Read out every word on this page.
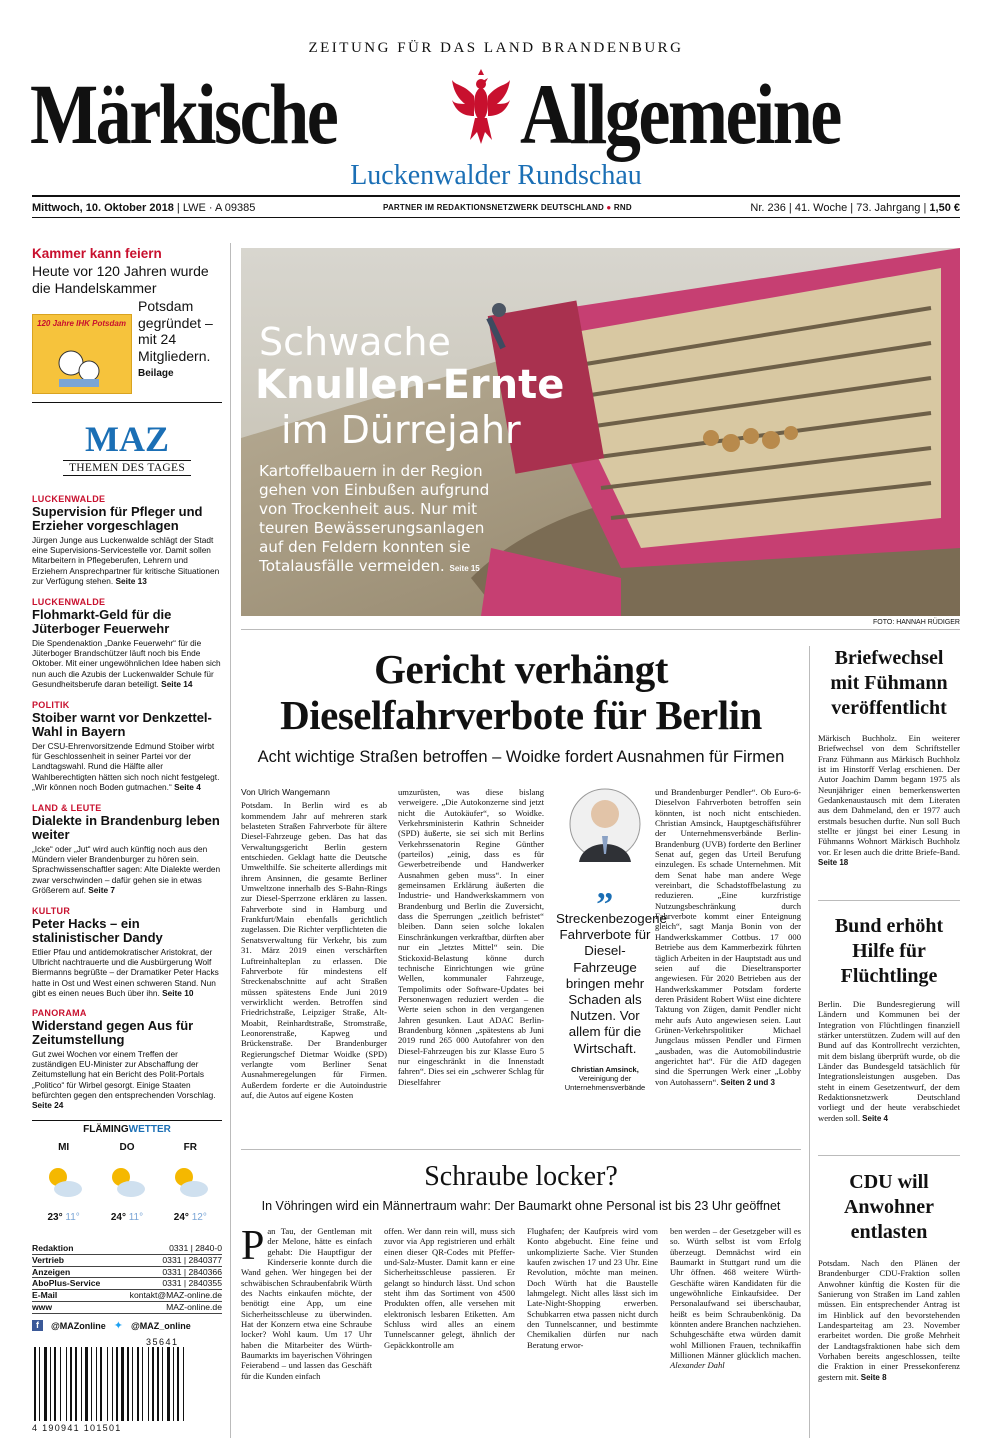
ZEITUNG FÜR DAS LAND BRANDENBURG
Märkische	Allgemeine
Luckenwalder Rundschau
Mittwoch, 10. Oktober 2018 | LWE · A 09385	PARTNER IM REDAKTIONSNETZWERK DEUTSCHLAND ● RND	Nr. 236 | 41. Woche | 73. Jahrgang | 1,50 €
Kammer kann feiern
Heute vor 120 Jahren wurde die Handelskammer
120 Jahre IHK Potsdam
Potsdam gegründet – mit 24 Mitgliedern.
Beilage
MAZ
THEMEN DES TAGES
LUCKENWALDE
Supervision für Pfleger und Erzieher vorgeschlagen
Jürgen Junge aus Luckenwalde schlägt der Stadt eine Supervisions-Servicestelle vor. Damit sollen Mitarbeitern in Pflegeberufen, Lehrern und Erziehern Ansprechpartner für kritische Situationen zur Verfügung stehen. Seite 13
LUCKENWALDE
Flohmarkt-Geld für die Jüterboger Feuerwehr
Die Spendenaktion „Danke Feuerwehr“ für die Jüterboger Brandschützer läuft noch bis Ende Oktober. Mit einer ungewöhnlichen Idee haben sich nun auch die Azubis der Luckenwalder Schule für Gesundheitsberufe daran beteiligt. Seite 14
POLITIK
Stoiber warnt vor Denkzettel-Wahl in Bayern
Der CSU-Ehrenvorsitzende Edmund Stoiber wirbt für Geschlossenheit in seiner Partei vor der Landtagswahl. Rund die Hälfte aller Wahlberechtigten hätten sich noch nicht festgelegt. „Wir können noch Boden gutmachen.“ Seite 4
LAND & LEUTE
Dialekte in Brandenburg leben weiter
„Icke“ oder „Jut“ wird auch künftig noch aus den Mündern vieler Brandenburger zu hören sein. Sprachwissenschaftler sagen: Alte Dialekte werden zwar verschwinden – dafür gehen sie in etwas Größerem auf. Seite 7
KULTUR
Peter Hacks – ein stalinistischer Dandy
Etlier Pfau und antidemokratischer Aristokrat, der Ulbricht nachtrauerte und die Ausbürgerung Wolf Biermanns begrüßte – der Dramatiker Peter Hacks hatte in Ost und West einen schweren Stand. Nun gibt es einen neues Buch über ihn. Seite 10
PANORAMA
Widerstand gegen Aus für Zeitumstellung
Gut zwei Wochen vor einem Treffen der zuständigen EU-Minister zur Abschaffung der Zeitumstellung hat ein Bericht des Polit-Portals „Politico“ für Wirbel gesorgt. Einige Staaten befürchten gegen den entsprechenden Vorschlag. Seite 24
FLÄMINGWETTER
MI
23° 11°
DO
24° 11°
FR
24° 12°
Redaktion	0331 | 2840-0
Vertrieb	0331 | 2840377
Anzeigen	0331 | 2840366
AboPlus-Service	0331 | 2840355
E-Mail	kontakt@MAZ-online.de
www	MAZ-online.de
f	@MAZonline ✦ @MAZ_online
35641
4 190941 101501
Schwache
Knullen-Ernte
im Dürrejahr
Kartoffelbauern in der Region gehen von Einbußen aufgrund von Trockenheit aus. Nur mit teuren Bewässerungsanlagen auf den Feldern konnten sie Totalausfälle vermeiden. Seite 15
FOTO: HANNAH RÜDIGER
Gericht verhängt
Dieselfahrverbote für Berlin
Acht wichtige Straßen betroffen – Woidke fordert Ausnahmen für Firmen
Von Ulrich Wangemann
Potsdam. In Berlin wird es ab kommendem Jahr auf mehreren stark belasteten Straßen Fahrverbote für ältere Diesel-Fahrzeuge geben. Das hat das Verwaltungsgericht Berlin gestern entschieden. Geklagt hatte die Deutsche Umwelthilfe. Sie scheiterte allerdings mit ihrem Ansinnen, die gesamte Berliner Umweltzone innerhalb des S-Bahn-Rings zur Diesel-Sperrzone erklären zu lassen. Fahrverbote sind in Hamburg und Frankfurt/Main ebenfalls gerichtlich zugelassen. Die Richter verpflichteten die Senatsverwaltung für Verkehr, bis zum 31. März 2019 einen verschärften Luftreinhalteplan zu erlassen. Die Fahrverbote für mindestens elf Streckenabschnitte auf acht Straßen müssen spätestens Ende Juni 2019 verwirklicht werden. Betroffen sind Friedrichstraße, Leipziger Straße, Alt-Moabit, Reinhardtstraße, Stromstraße, Leonorenstraße, Kapweg und Brückenstraße. Der Brandenburger Regierungschef Dietmar Woidke (SPD) verlangte vom Berliner Senat Ausnahmeregelungen für Firmen. Außerdem forderte er die Autoindustrie auf, die Autos auf eigene Kosten
umzurüsten, was diese bislang verweigere. „Die Autokonzerne sind jetzt nicht die Autokäufer“, so Woidke. Verkehrsministerin Kathrin Schneider (SPD) äußerte, sie sei sich mit Berlins Verkehrssenatorin Regine Günther (parteilos) „einig, dass es für Gewerbetreibende und Handwerker Ausnahmen geben muss“. In einer gemeinsamen Erklärung äußerten die Industrie- und Handwerkskammern von Brandenburg und Berlin die Zuversicht, dass die Sperrungen „zeitlich befristet“ bleiben. Dann seien solche lokalen Einschränkungen verkraftbar, dürften aber nur ein „letztes Mittel“ sein. Die Stickoxid-Belastung könne durch technische Einrichtungen wie grüne Wellen, kommunaler Fahrzeuge, Tempolimits oder Software-Updates bei Personenwagen reduziert werden – die Werte seien schon in den vergangenen Jahren gesunken. Laut ADAC Berlin-Brandenburg können „spätestens ab Juni 2019 rund 265 000 Autofahrer von den Diesel-Fahrzeugen bis zur Klasse Euro 5 nur eingeschränkt in die Innenstadt fahren“. Dies sei ein „schwerer Schlag für Dieselfahrer
„
Streckenbezogene Fahrverbote für Diesel-Fahrzeuge bringen mehr Schaden als Nutzen. Vor allem für die Wirtschaft.
Christian Amsinck,
Vereinigung der Unternehmensverbände
und Brandenburger Pendler“. Ob Euro-6-Dieselvon Fahrverboten betroffen sein könnten, ist noch nicht entschieden. Christian Amsinck, Hauptgeschäftsführer der Unternehmensverbände Berlin-Brandenburg (UVB) forderte den Berliner Senat auf, gegen das Urteil Berufung einzulegen. Es schade Unternehmen. Mit dem Senat habe man andere Wege vereinbart, die Schadstoffbelastung zu reduzieren. „Eine kurzfristige Nutzungsbeschränkung durch Fahrverbote kommt einer Enteignung gleich“, sagt Manja Bonin von der Handwerkskammer Cottbus. 17 000 Betriebe aus dem Kammerbezirk führten täglich Arbeiten in der Hauptstadt aus und seien auf die Dieseltransporter angewiesen. Für 2020 Betrieben aus der Handwerkskammer Potsdam forderte deren Präsident Robert Wüst eine dichtere Taktung von Zügen, damit Pendler nicht mehr aufs Auto angewiesen seien. Laut Grünen-Verkehrspolitiker Michael Jungclaus müssen Pendler und Firmen „ausbaden, was die Automobilindustrie angerichtet hat“. Für die AfD dagegen sind die Sperrungen Werk einer „Lobby von Autohassern“. Seiten 2 und 3
Briefwechsel mit Fühmann veröffentlicht
Märkisch Buchholz. Ein weiterer Briefwechsel von dem Schriftsteller Franz Fühmann aus Märkisch Buchholz ist im Hinstorff Verlag erschienen. Der Autor Joachim Damm begann 1975 als Neunjähriger einen bemerkenswerten Gedankenaustausch mit dem Literaten aus dem Dahmeland, den er 1977 auch erstmals besuchen durfte. Nun soll Buch stellte er jüngst bei einer Lesung in Fühmanns Wohnort Märkisch Buchholz vor. Er lesen auch die dritte Briefe-Band. Seite 18
Bund erhöht Hilfe für Flüchtlinge
Berlin. Die Bundesregierung will Ländern und Kommunen bei der Integration von Flüchtlingen finanziell stärker unterstützen. Zudem will auf den Bund auf das Kontrollrecht verzichten, mit dem bislang überprüft wurde, ob die Länder das Bundesgeld tatsächlich für Integrationsleistungen ausgeben. Das steht in einem Gesetzentwurf, der dem Redaktionsnetzwerk Deutschland vorliegt und der heute verabschiedet werden soll. Seite 4
CDU will Anwohner entlasten
Potsdam. Nach den Plänen der Brandenburger CDU-Fraktion sollen Anwohner künftig die Kosten für die Sanierung von Straßen im Land zahlen müssen. Ein entsprechender Antrag ist im Hinblick auf den bevorstehenden Landesparteitag am 23. November erarbeitet worden. Die große Mehrheit der Landtagsfraktionen habe sich dem Vorhaben bereits angeschlossen, teilte die Fraktion in einer Pressekonferenz gestern mit. Seite 8
Schraube locker?
In Vöhringen wird ein Männertraum wahr: Der Baumarkt ohne Personal ist bis 23 Uhr geöffnet
P an Tau, der Gentleman mit der Melone, hätte es einfach gehabt: Die Hauptfigur der Kinderserie konnte durch die Wand gehen. Wer hingegen bei der schwäbischen Schraubenfabrik Würth des Nachts einkaufen möchte, der benötigt eine App, um eine Sicherheitsschleuse zu überwinden. Hat der Konzern etwa eine Schraube locker? Wohl kaum. Um 17 Uhr haben die Mitarbeiter des Würth-Baumarkts im bayerischen Vöhringen Feierabend – und lassen das Geschäft für die Kunden einfach
offen. Wer dann rein will, muss sich zuvor via App registrieren und erhält einen dieser QR-Codes mit Pfeffer-und-Salz-Muster. Damit kann er eine Sicherheitsschleuse passieren. Er gelangt so hindurch lässt. Und schon steht ihm das Sortiment von 4500 Produkten offen, alle versehen mit elektronisch lesbaren Etiketten. Am Schluss wird alles an einem Tunnelscanner gelegt, ähnlich der Gepäckkontrolle am
Flughafen; der Kaufpreis wird vom Konto abgebucht. Eine feine und unkomplizierte Sache. Vier Stunden kaufen zwischen 17 und 23 Uhr. Eine Revolution, möchte man meinen. Doch Würth hat die Baustelle lahmgelegt. Nicht alles lässt sich im Late-Night-Shopping erwerben. Schubkarren etwa passen nicht durch den Tunnelscanner, und bestimmte Chemikalien dürfen nur nach Beratung erwor-
ben werden – der Gesetzgeber will es so. Würth selbst ist vom Erfolg überzeugt. Demnächst wird ein Baumarkt in Stuttgart rund um die Uhr öffnen. 468 weitere Würth-Geschäfte wären Kandidaten für die ungewöhnliche Einkaufsidee. Der Personalaufwand sei überschaubar, heißt es beim Schraubenkönig. Da könnten andere Branchen nachziehen. Schuhgeschäfte etwa würden damit wohl Millionen Frauen, technikaffin Millionen Männer glücklich machen. Alexander Dahl
